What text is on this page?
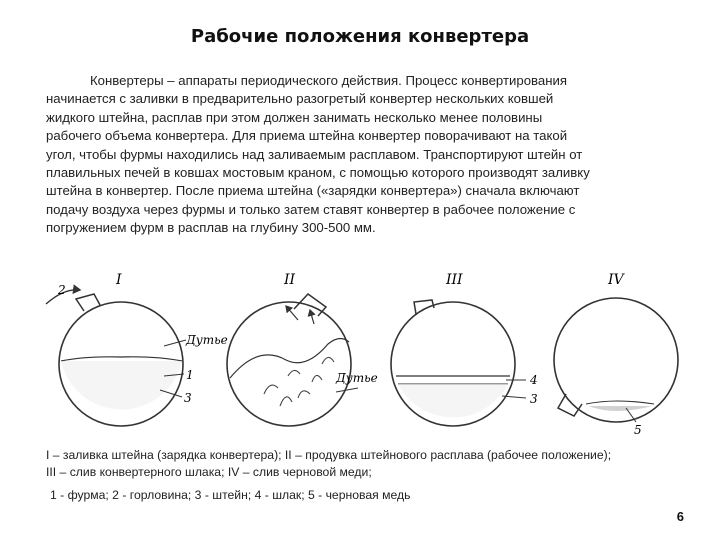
Рабочие положения конвертера
Конвертеры – аппараты периодического действия. Процесс конвертирования
начинается с заливки в предварительно разогретый конвертер нескольких ковшей
жидкого штейна, расплав при этом должен занимать несколько менее половины
рабочего объема конвертера. Для приема штейна конвертер поворачивают на такой
угол, чтобы фурмы находились над заливаемым расплавом. Транспортируют штейн от
плавильных печей в ковшах мостовым краном, с помощью которого производят заливку
штейна в конвертер. После приема штейна («зарядки конвертера») сначала включают
подачу воздуха через фурмы и только затем ставят конвертер в рабочее положение с
погружением фурм в расплав на глубину 300-500 мм.
I
2
Дутье
1
3
II
Дутье
III
4
3
IV
5
I – заливка штейна (зарядка конвертера); II – продувка штейнового расплава (рабочее положение);
III – слив конвертерного шлака; IV – слив черновой меди;
1 - фурма; 2 - горловина; 3 - штейн; 4 - шлак; 5 - черновая медь
6
